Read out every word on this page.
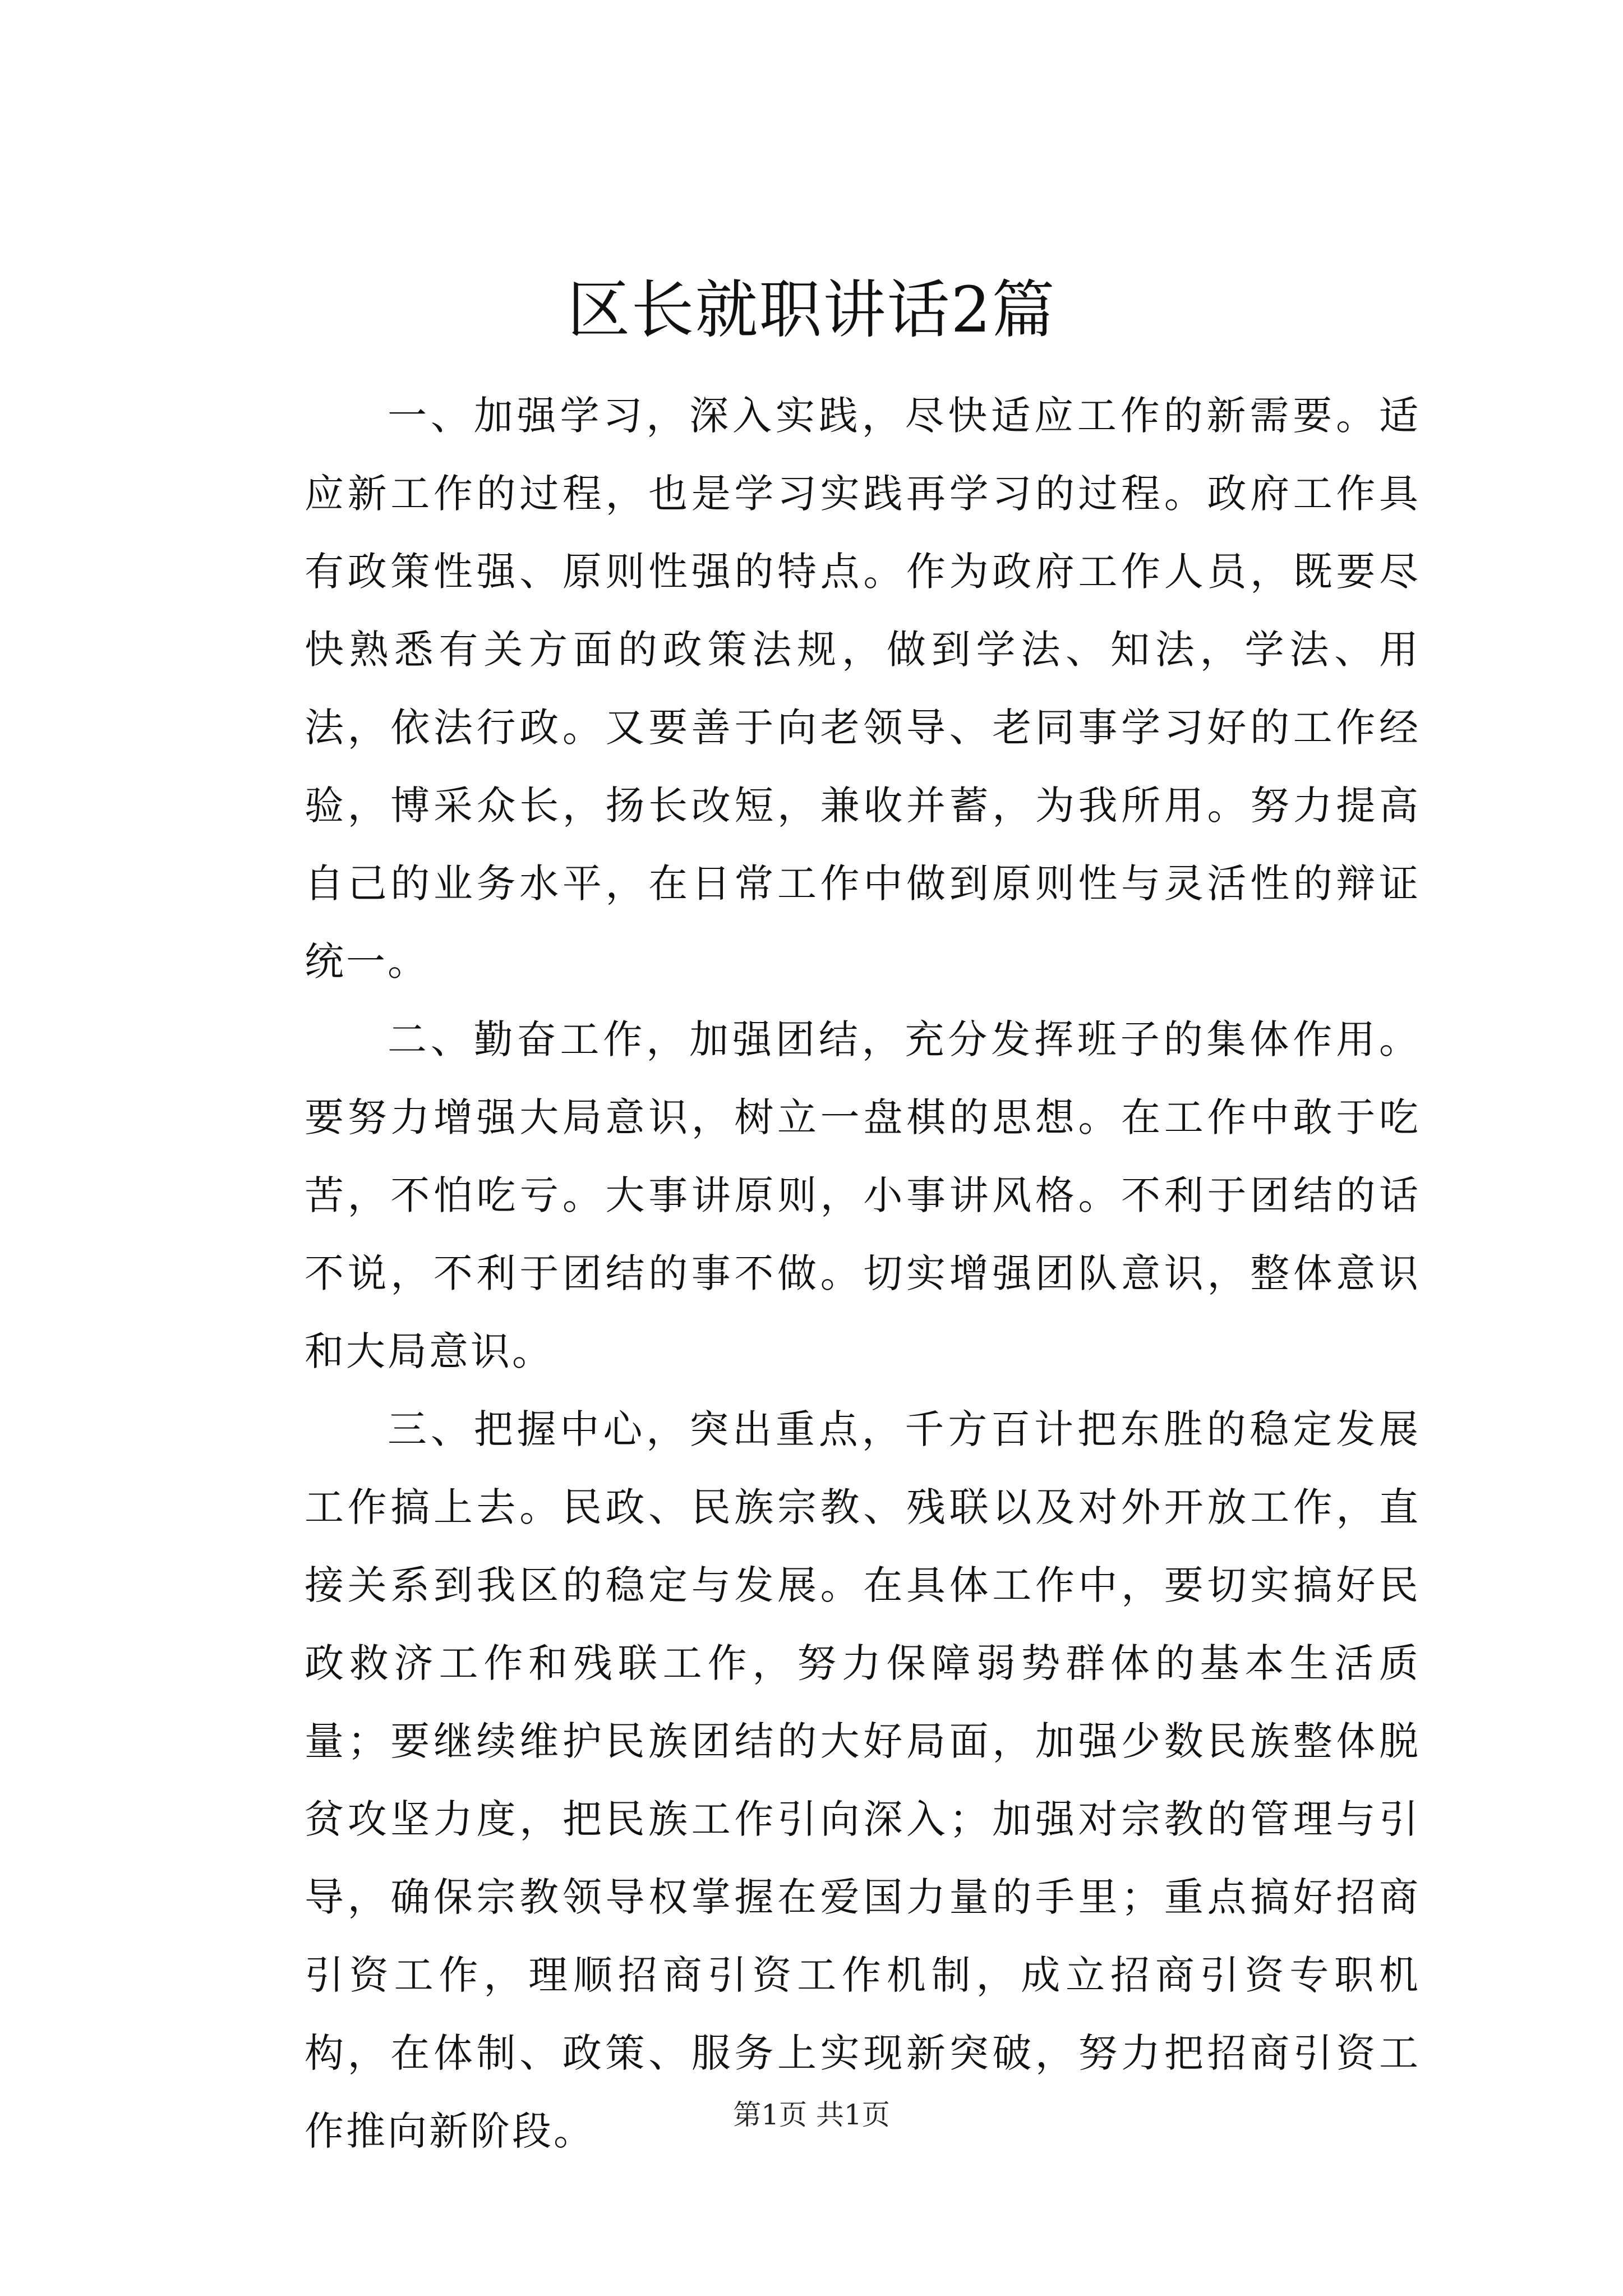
区长就职讲话2篇

一、加强学习，深入实践，尽快适应工作的新需要。适应新工作的过程，也是学习实践再学习的过程。政府工作具有政策性强、原则性强的特点。作为政府工作人员，既要尽快熟悉有关方面的政策法规，做到学法、知法，学法、用法，依法行政。又要善于向老领导、老同事学习好的工作经验，博采众长，扬长改短，兼收并蓄，为我所用。努力提高自己的业务水平，在日常工作中做到原则性与灵活性的辩证统一。

二、勤奋工作，加强团结，充分发挥班子的集体作用。要努力增强大局意识，树立一盘棋的思想。在工作中敢于吃苦，不怕吃亏。大事讲原则，小事讲风格。不利于团结的话不说，不利于团结的事不做。切实增强团队意识，整体意识和大局意识。

三、把握中心，突出重点，千方百计把东胜的稳定发展工作搞上去。民政、民族宗教、残联以及对外开放工作，直接关系到我区的稳定与发展。在具体工作中，要切实搞好民政救济工作和残联工作，努力保障弱势群体的基本生活质量；要继续维护民族团结的大好局面，加强少数民族整体脱贫攻坚力度，把民族工作引向深入；加强对宗教的管理与引导，确保宗教领导权掌握在爱国力量的手里；重点搞好招商引资工作，理顺招商引资工作机制，成立招商引资专职机构，在体制、政策、服务上实现新突破，努力把招商引资工作推向新阶段。	第1页 共1页
